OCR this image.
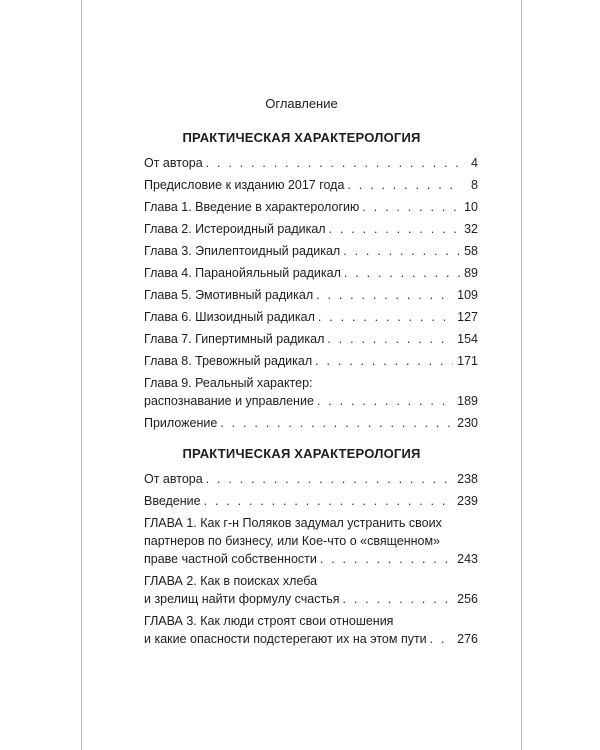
Оглавление
ПРАКТИЧЕСКАЯ ХАРАКТЕРОЛОГИЯ
От автора . . .	4
Предисловие к изданию 2017 года . . .	8
Глава 1. Введение в характерологию . . .	10
Глава 2. Истероидный радикал . . .	32
Глава 3. Эпилептоидный радикал . . .	58
Глава 4. Паранойяльный радикал . . .	89
Глава 5. Эмотивный радикал . . .	109
Глава 6. Шизоидный радикал . . .	127
Глава 7. Гипертимный радикал . . .	154
Глава 8. Тревожный радикал . . .	171
Глава 9. Реальный характер:
распознавание и управление . . .	189
Приложение . . .	230
ПРАКТИЧЕСКАЯ ХАРАКТЕРОЛОГИЯ
От автора . . .	238
Введение . . .	239
ГЛАВА 1. Как г-н Поляков задумал устранить своих
партнеров по бизнесу, или Кое-что о «священном»
праве частной собственности . . .	243
ГЛАВА 2. Как в поисках хлеба
и зрелищ найти формулу счастья . . .	256
ГЛАВА 3. Как люди строят свои отношения
и какие опасности подстерегают их на этом пути . . . 276
